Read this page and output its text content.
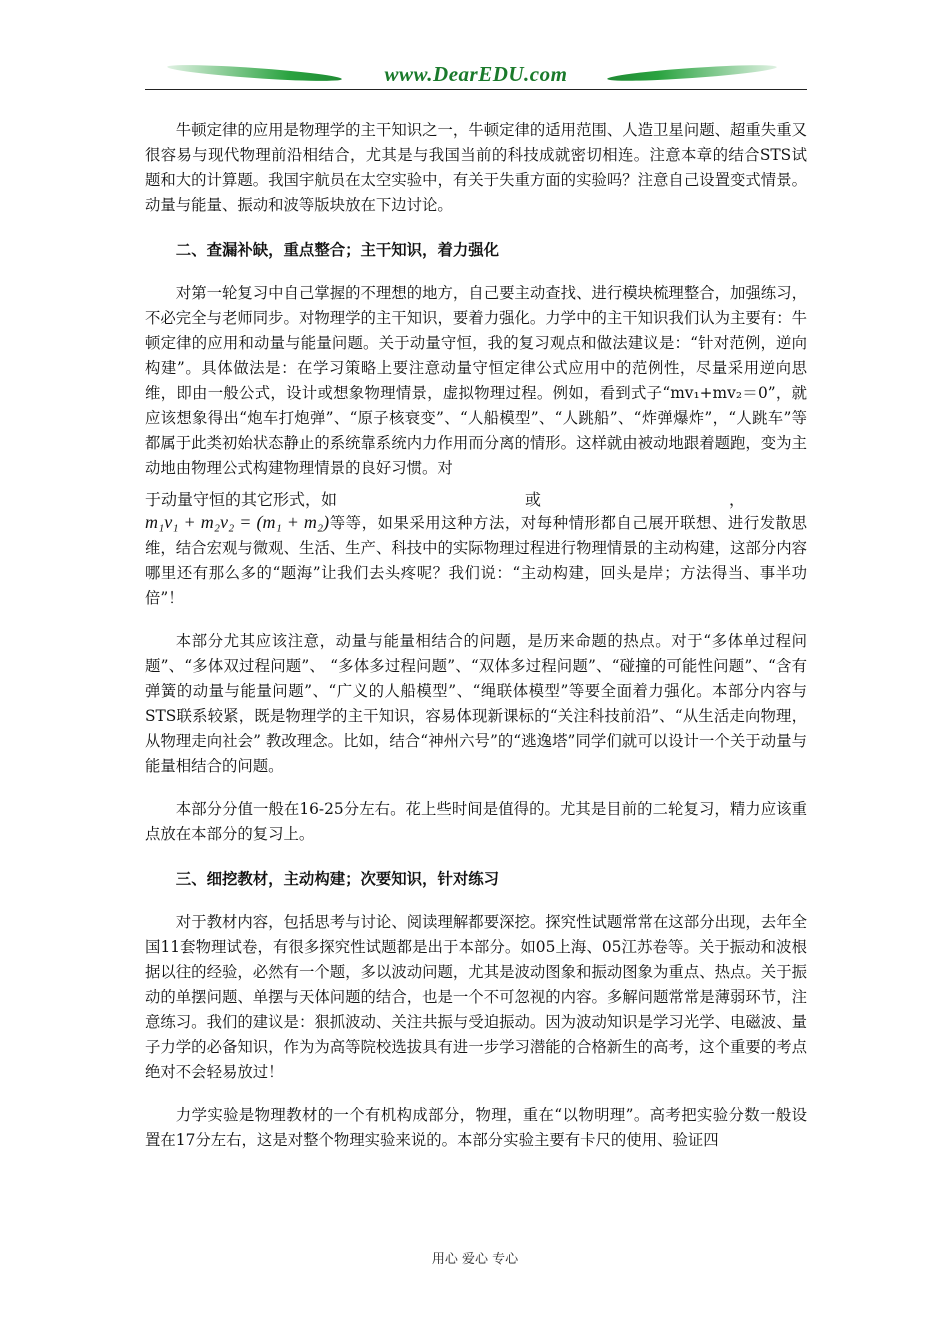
www.DearEDU.com

牛顿定律的应用是物理学的主干知识之一，牛顿定律的适用范围、人造卫星问题、超重失重又很容易与现代物理前沿相结合，尤其是与我国当前的科技成就密切相连。注意本章的结合STS试题和大的计算题。我国宇航员在太空实验中，有关于失重方面的实验吗？注意自己设置变式情景。动量与能量、振动和波等版块放在下边讨论。

二、查漏补缺，重点整合；主干知识，着力强化

对第一轮复习中自己掌握的不理想的地方，自己要主动查找、进行模块梳理整合，加强练习，不必完全与老师同步。对物理学的主干知识，要着力强化。力学中的主干知识我们认为主要有：牛顿定律的应用和动量与能量问题。关于动量守恒，我的复习观点和做法建议是：“针对范例，逆向构建”。具体做法是：在学习策略上要注意动量守恒定律公式应用中的范例性，尽量采用逆向思维，即由一般公式，设计或想象物理情景，虚拟物理过程。例如，看到式子“mv₁+mv₂＝0”，就应该想象得出“炮车打炮弹”、“原子核衰变”、“人船模型”、“人跳船”、“炸弹爆炸”，“人跳车”等都属于此类初始状态静止的系统靠系统内力作用而分离的情形。这样就由被动地跟着题跑，变为主动地由物理公式构建物理情景的良好习惯。对

于动量守恒的其它形式，如	或	，

m₁v₁ + m₂v₂ = (m₁ + m₂)等等，如果采用这种方法，对每种情形都自己展开联想、进行发散思维，结合宏观与微观、生活、生产、科技中的实际物理过程进行物理情景的主动构建，这部分内容哪里还有那么多的“题海”让我们去头疼呢？我们说：“主动构建，回头是岸；方法得当、事半功倍”！

本部分尤其应该注意，动量与能量相结合的问题，是历来命题的热点。对于“多体单过程问题”、“多体双过程问题”、 “多体多过程问题”、“双体多过程问题”、“碰撞的可能性问题”、“含有弹簧的动量与能量问题”、“广义的人船模型”、“绳联体模型”等要全面着力强化。本部分内容与STS联系较紧，既是物理学的主干知识，容易体现新课标的“关注科技前沿”、“从生活走向物理，从物理走向社会” 教改理念。比如，结合“神州六号”的“逃逸塔”同学们就可以设计一个关于动量与能量相结合的问题。

本部分分值一般在16-25分左右。花上些时间是值得的。尤其是目前的二轮复习，精力应该重点放在本部分的复习上。

三、细挖教材，主动构建；次要知识，针对练习

对于教材内容，包括思考与讨论、阅读理解都要深挖。探究性试题常常在这部分出现，去年全国11套物理试卷，有很多探究性试题都是出于本部分。如05上海、05江苏卷等。关于振动和波根据以往的经验，必然有一个题，多以波动问题，尤其是波动图象和振动图象为重点、热点。关于振动的单摆问题、单摆与天体问题的结合，也是一个不可忽视的内容。多解问题常常是薄弱环节，注意练习。我们的建议是：狠抓波动、关注共振与受迫振动。因为波动知识是学习光学、电磁波、量子力学的必备知识，作为为高等院校选拔具有进一步学习潜能的合格新生的高考，这个重要的考点绝对不会轻易放过！

力学实验是物理教材的一个有机构成部分，物理，重在“以物明理”。高考把实验分数一般设置在17分左右，这是对整个物理实验来说的。本部分实验主要有卡尺的使用、验证四

用心 爱心 专心
